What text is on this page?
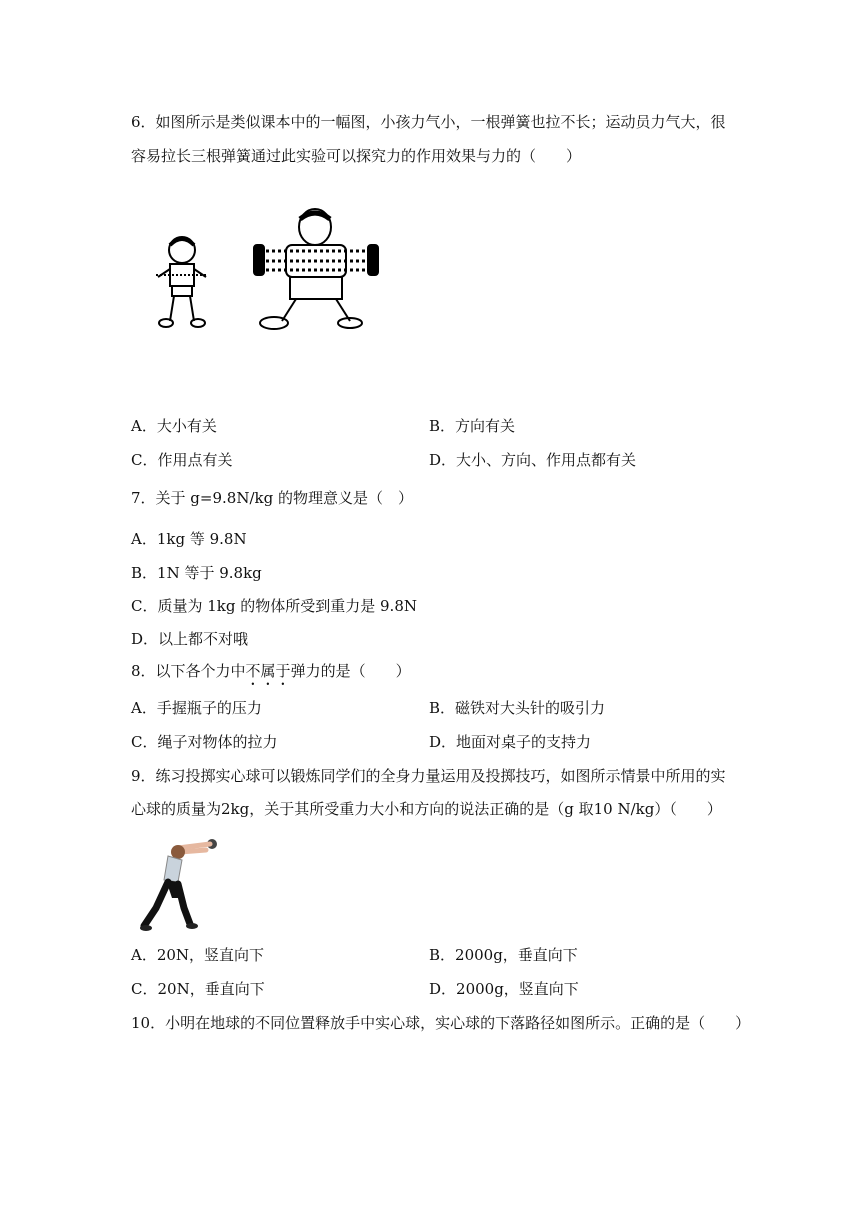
6．如图所示是类似课本中的一幅图，小孩力气小，一根弹簧也拉不长；运动员力气大，很
容易拉长三根弹簧通过此实验可以探究力的作用效果与力的（　　）
A．大小有关	B．方向有关
C．作用点有关	D．大小、方向、作用点都有关
7．关于 g=9.8N/kg 的物理意义是（　）
A．1kg 等 9.8N
B．1N 等于 9.8kg
C．质量为 1kg 的物体所受到重力是 9.8N
D．以上都不对哦
8．以下各个力中不属于弹力的是（　　）
A．手握瓶子的压力	B．磁铁对大头针的吸引力
C．绳子对物体的拉力	D．地面对桌子的支持力
9．练习投掷实心球可以锻炼同学们的全身力量运用及投掷技巧，如图所示情景中所用的实
心球的质量为2kg，关于其所受重力大小和方向的说法正确的是（g 取10 N/kg）（　　）
A．20N，竖直向下	B．2000g，垂直向下
C．20N，垂直向下	D．2000g，竖直向下
10．小明在地球的不同位置释放手中实心球，实心球的下落路径如图所示。正确的是（　　）
